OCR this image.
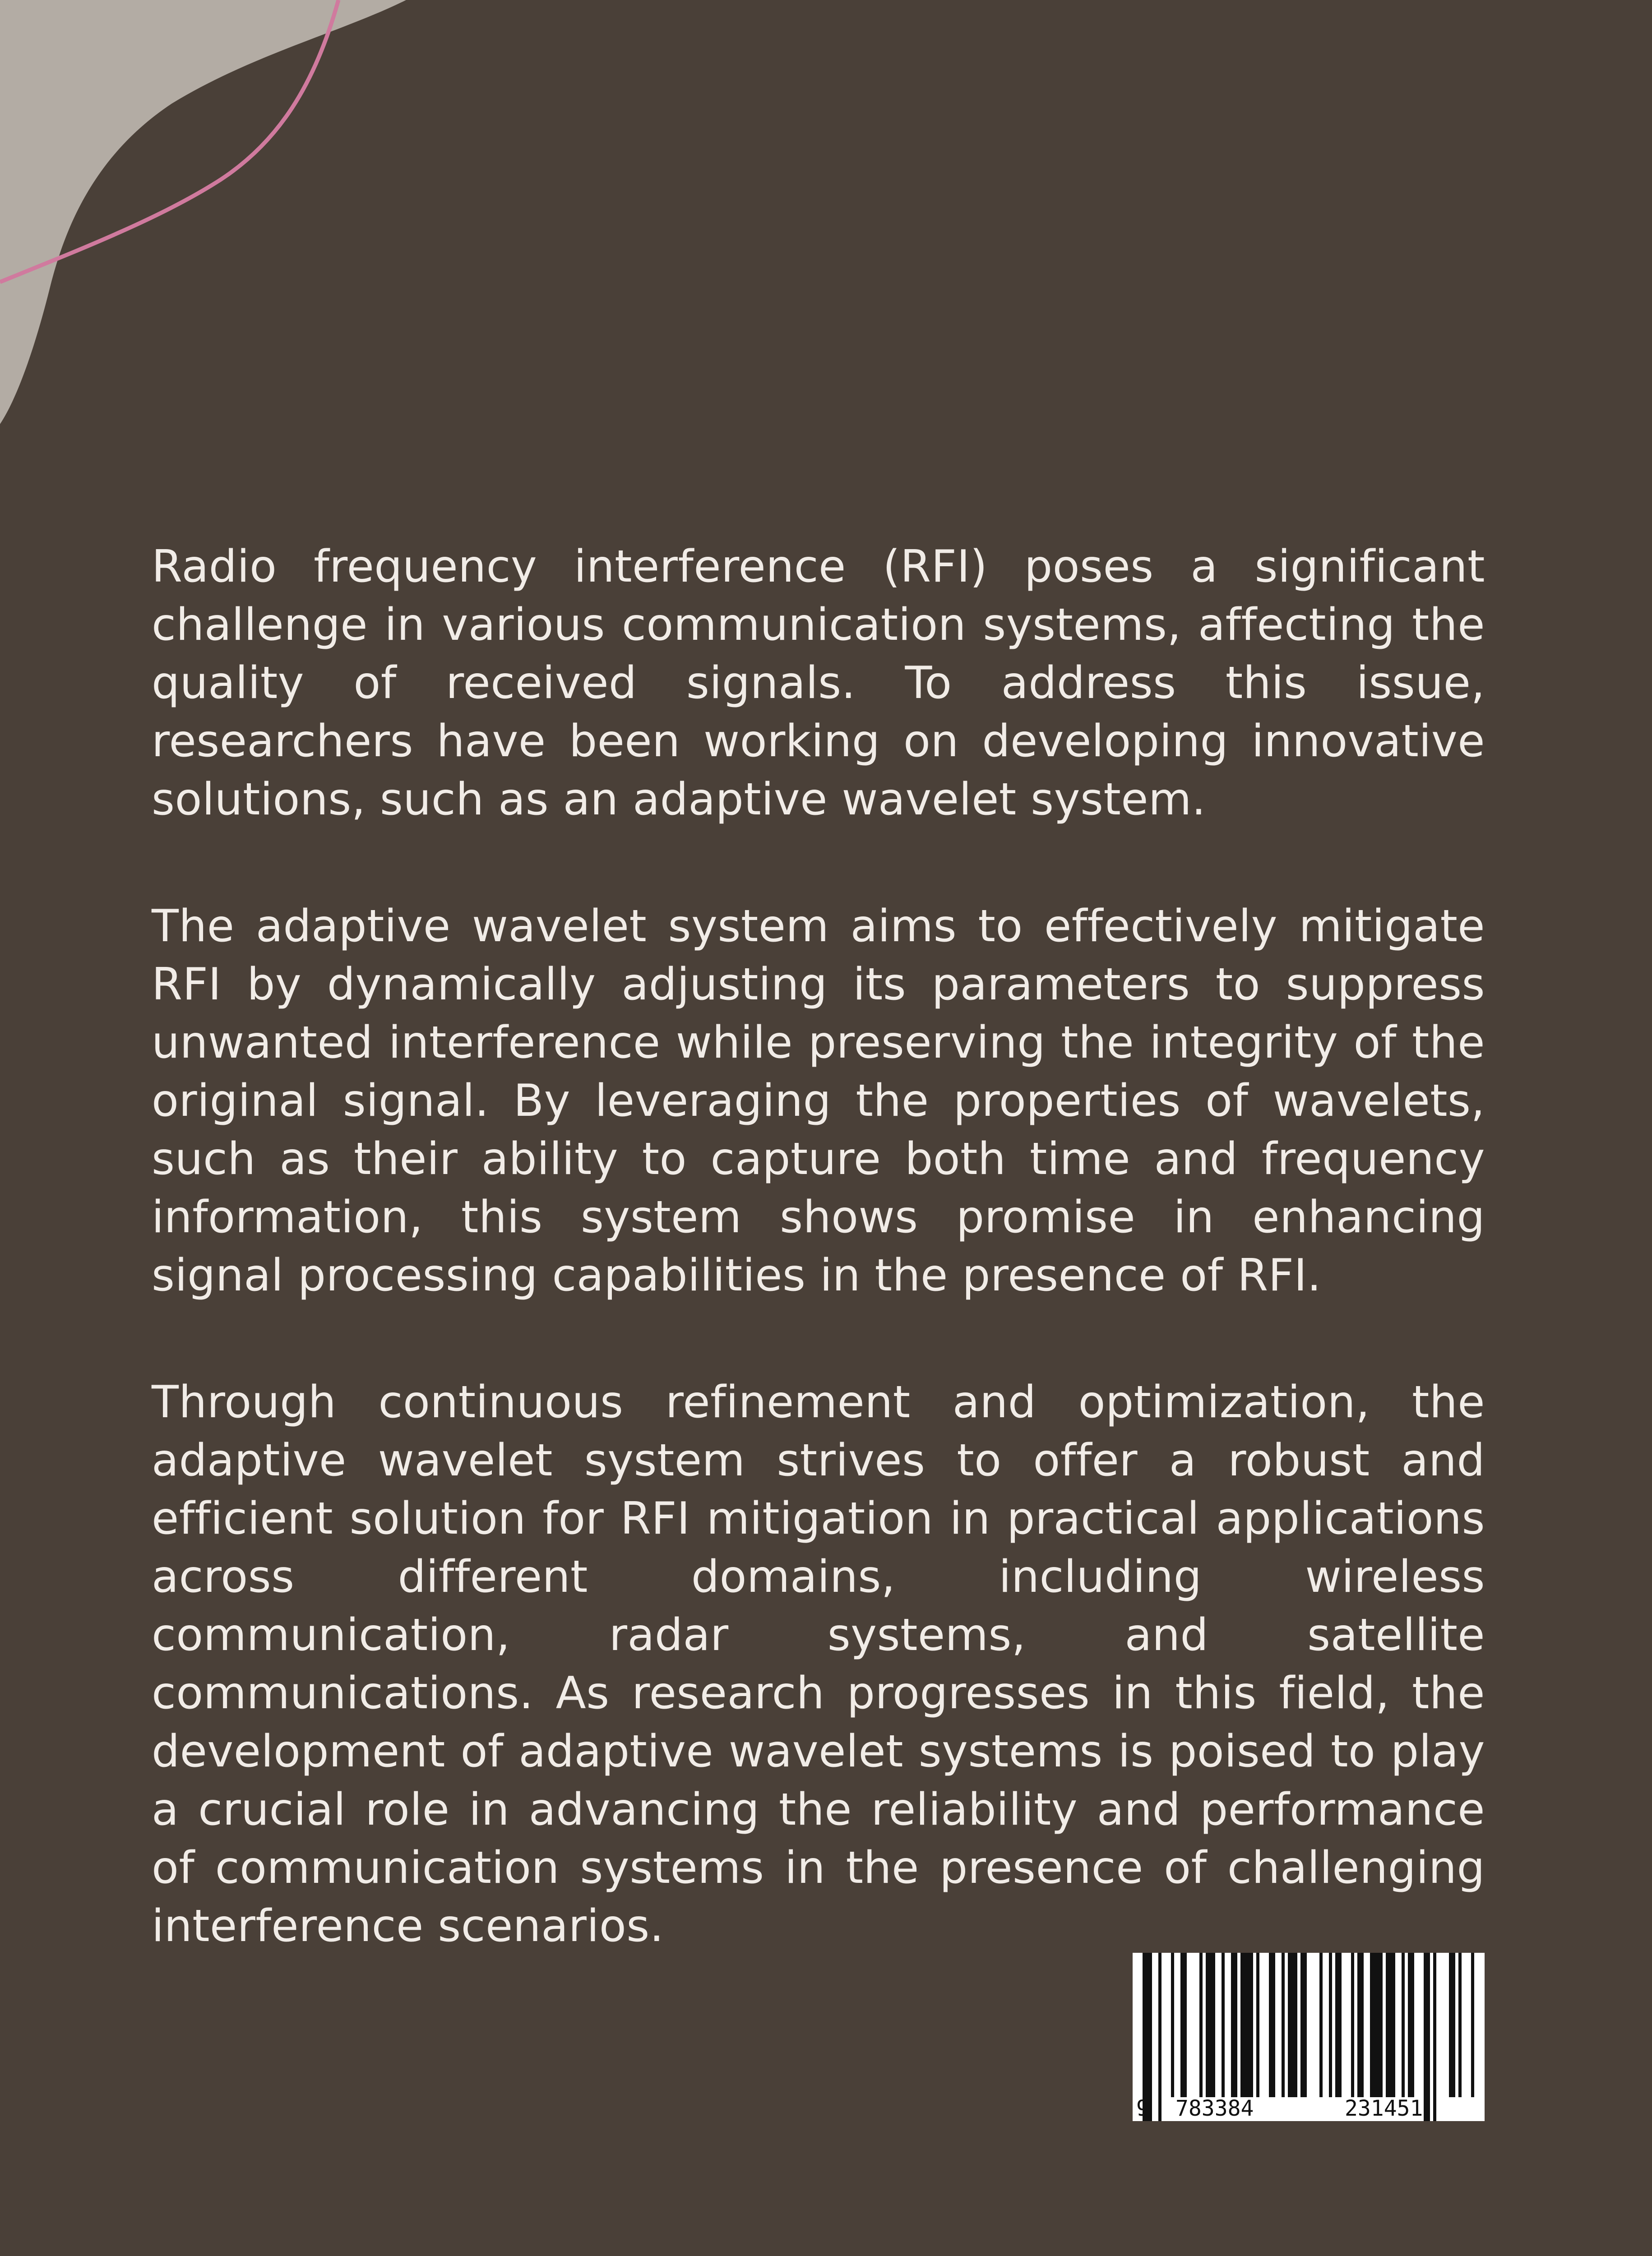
Radio frequency interference (RFI) poses a significant challenge in various communication systems, affecting the quality of received signals. To address this issue, researchers have been working on developing innovative solutions, such as an adaptive wavelet system.

The adaptive wavelet system aims to effectively mitigate RFI by dynamically adjusting its parameters to suppress unwanted interference while preserving the integrity of the original signal. By leveraging the properties of wavelets, such as their ability to capture both time and frequency information, this system shows promise in enhancing signal processing capabilities in the presence of RFI.

Through continuous refinement and optimization, the adaptive wavelet system strives to offer a robust and efficient solution for RFI mitigation in practical applications across different domains, including wireless communication, radar systems, and satellite communications. As research progresses in this field, the development of adaptive wavelet systems is poised to play a crucial role in advancing the reliability and performance of communication systems in the presence of challenging interference scenarios.

9 783384	231451
